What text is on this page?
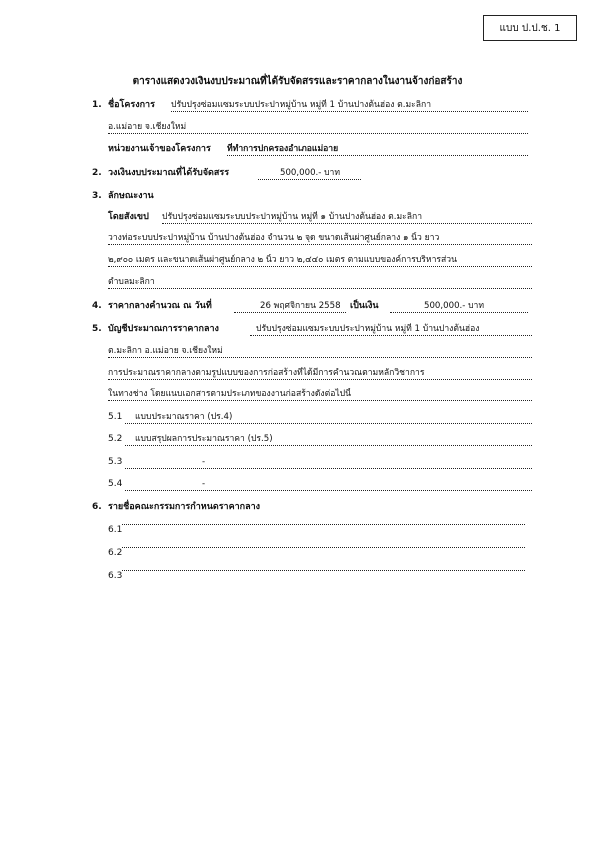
แบบ ป.ป.ช. 1
ตารางแสดงวงเงินงบประมาณที่ได้รับจัดสรรและราคากลางในงานจ้างก่อสร้าง
1. ชื่อโครงการ ปรับปรุงซ่อมแซมระบบประปาหมู่บ้าน หมู่ที่ 1 บ้านปางต้นฮ่อง ต.มะลิกา
อ.แม่อาย จ.เชียงใหม่
หน่วยงานเจ้าของโครงการ ที่ทำการปกครองอำเภอแม่อาย
2. วงเงินงบประมาณที่ได้รับจัดสรร	500,000.- บาท
3. ลักษณะงาน
โดยสังเขป ปรับปรุงซ่อมแซมระบบประปาหมู่บ้าน หมู่ที่ ๑ บ้านปางต้นฮ่อง ต.มะลิกา
วางท่อระบบประปาหมู่บ้าน บ้านปางต้นฮ่อง จำนวน ๒ จุด ขนาดเส้นผ่าศูนย์กลาง ๑ นิ้ว ยาว
๒,๙๐๐ เมตร และขนาดเส้นผ่าศูนย์กลาง ๒ นิ้ว ยาว ๒,๔๔๐ เมตร ตามแบบของค์การบริหารส่วน
ตำบลมะลิกา
4. ราคากลางคำนวณ ณ วันที่	26 พฤศจิกายน 2558	เป็นเงิน	500,000.- บาท
5. บัญชีประมาณการราคากลาง	ปรับปรุงซ่อมแซมระบบประปาหมู่บ้าน หมู่ที่ 1 บ้านปางต้นฮ่อง
ต.มะลิกา อ.แม่อาย จ.เชียงใหม่
การประมาณราคากลางตามรูปแบบของการก่อสร้างที่ได้มีการคำนวณตามหลักวิชาการ
ในทางช่าง โดยแนบเอกสารตามประเภทของงานก่อสร้างดังต่อไปนี้
5.1	แบบประมาณราคา (ปร.4)
5.2	แบบสรุปผลการประมาณราคา (ปร.5)
5.3	-
5.4	-
6. รายชื่อคณะกรรมการกำหนดราคากลาง
6.1
6.2
6.3
